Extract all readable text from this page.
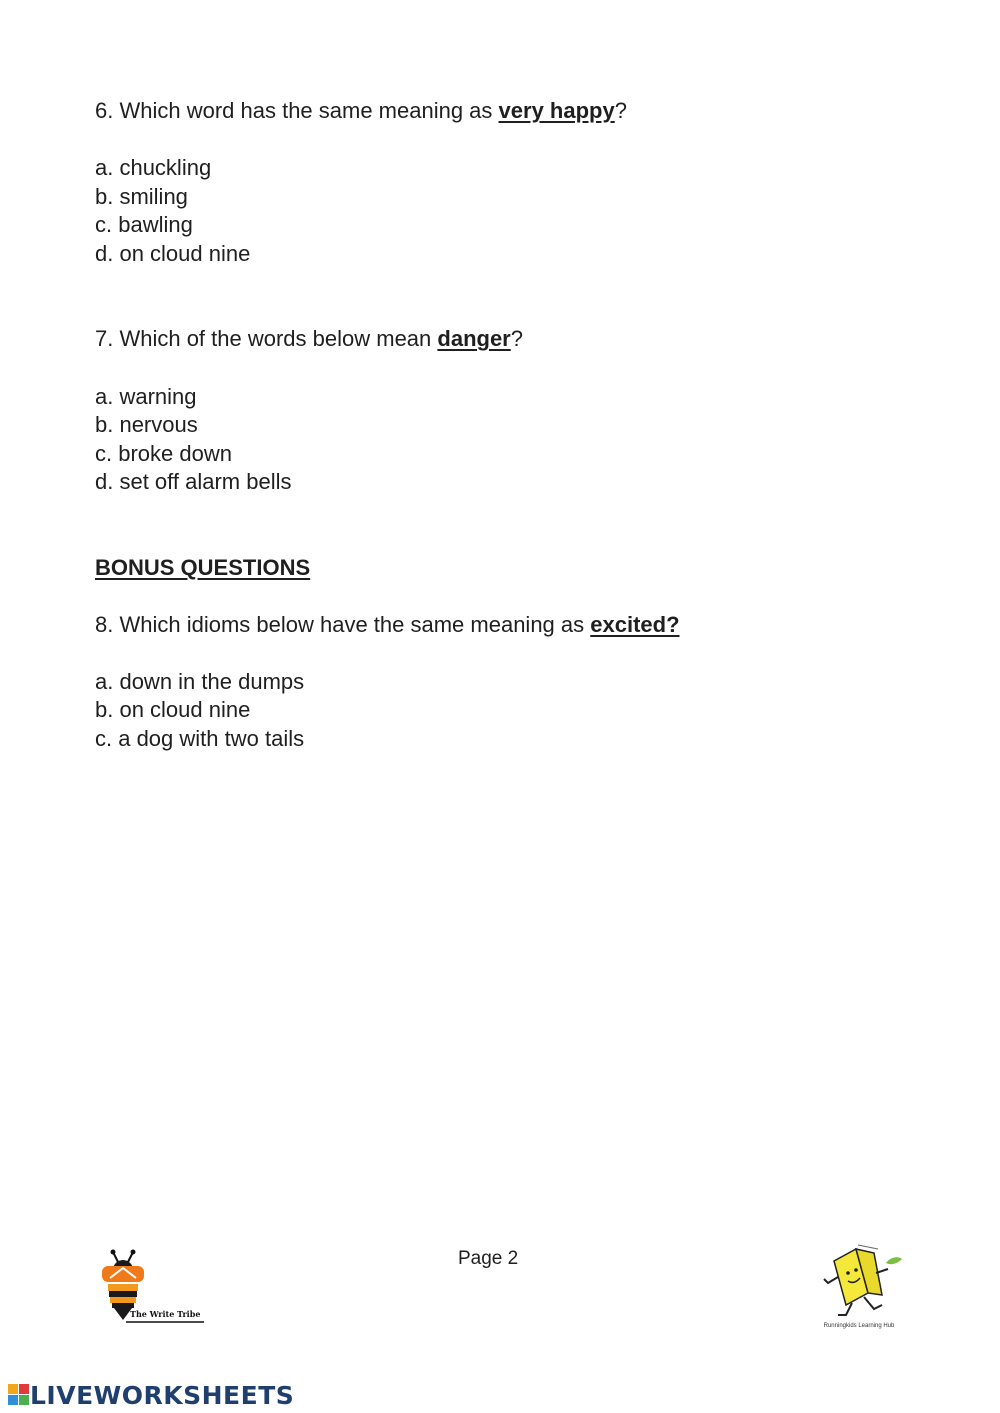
6. Which word has the same meaning as very happy?
a. chuckling
b. smiling
c. bawling
d. on cloud nine
7. Which of the words below mean danger?
a. warning
b. nervous
c. broke down
d. set off alarm bells
BONUS QUESTIONS
8. Which idioms below have the same meaning as excited?
a. down in the dumps
b. on cloud nine
c. a dog with two tails
Page 2
The Write Tribe
Runningkids Learning Hub
LIVEWORKSHEETS
